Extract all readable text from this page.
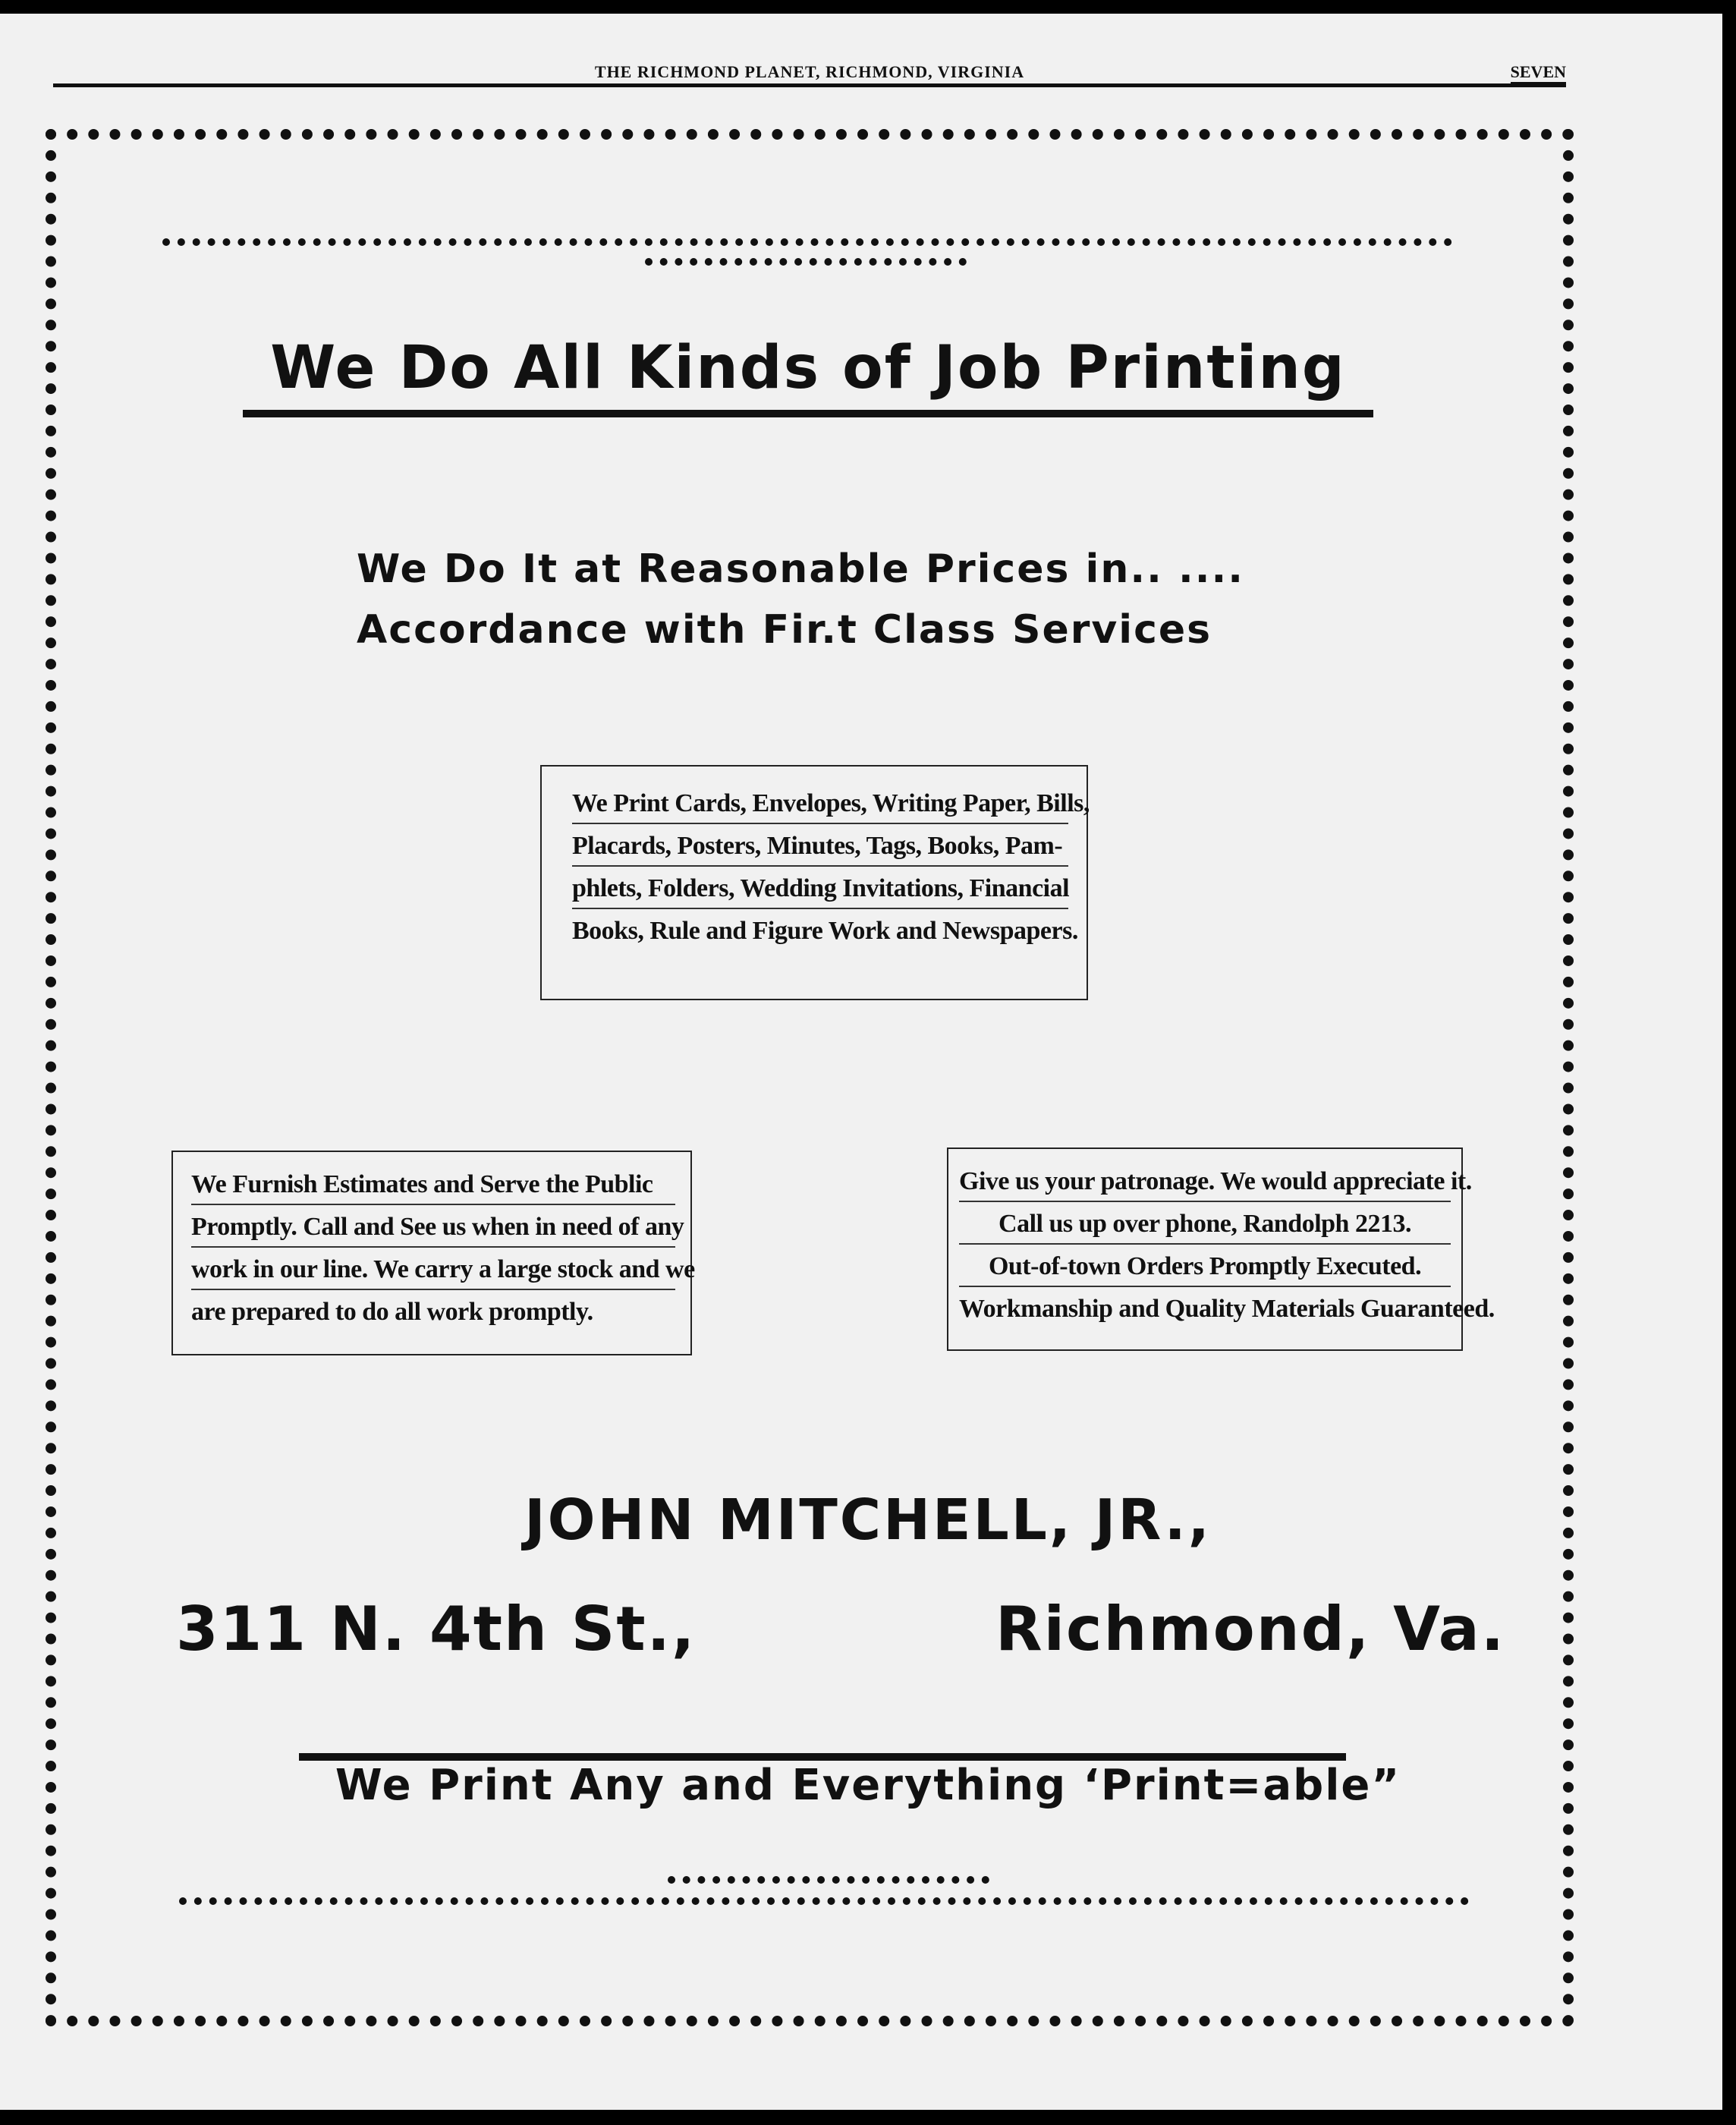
THE RICHMOND PLANET, RICHMOND, VIRGINIA	SEVEN
We Do All Kinds of Job Printing
We Do It at Reasonable Prices in.. ....
Accordance with Fir.t Class Services
We Print Cards, Envelopes, Writing Paper, Bills,
Placards, Posters, Minutes, Tags, Books, Pam-
phlets, Folders, Wedding Invitations, Financial
Books, Rule and Figure Work and Newspapers.
We Furnish Estimates and Serve the Public
Promptly. Call and See us when in need of any
work in our line. We carry a large stock and we
are prepared to do all work promptly.
Give us your patronage. We would appreciate it.
Call us up over phone, Randolph 2213.
Out-of-town Orders Promptly Executed.
Workmanship and Quality Materials Guaranteed.
JOHN MITCHELL, JR.,
311 N. 4th St.,	Richmond, Va.
We Print Any and Everything ‘Print=able”
